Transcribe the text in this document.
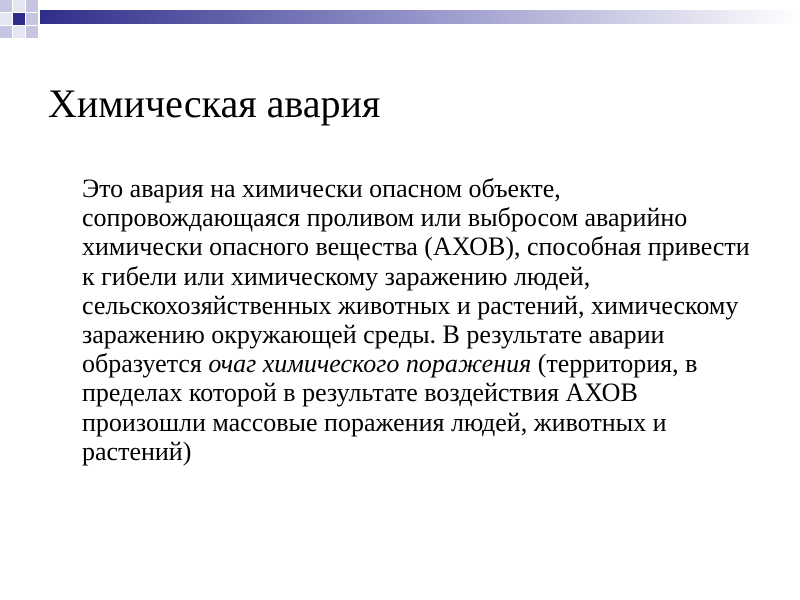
Химическая авария

Это авария на химически опасном объекте, сопровождающаяся проливом или выбросом аварийно химически опасного вещества (АХОВ), способная привести к гибели или химическому заражению людей, сельскохозяйственных животных и растений, химическому заражению окружающей среды. В результате аварии образуется очаг химического поражения (территория, в пределах которой в результате воздействия АХОВ произошли массовые поражения людей, животных и растений)
